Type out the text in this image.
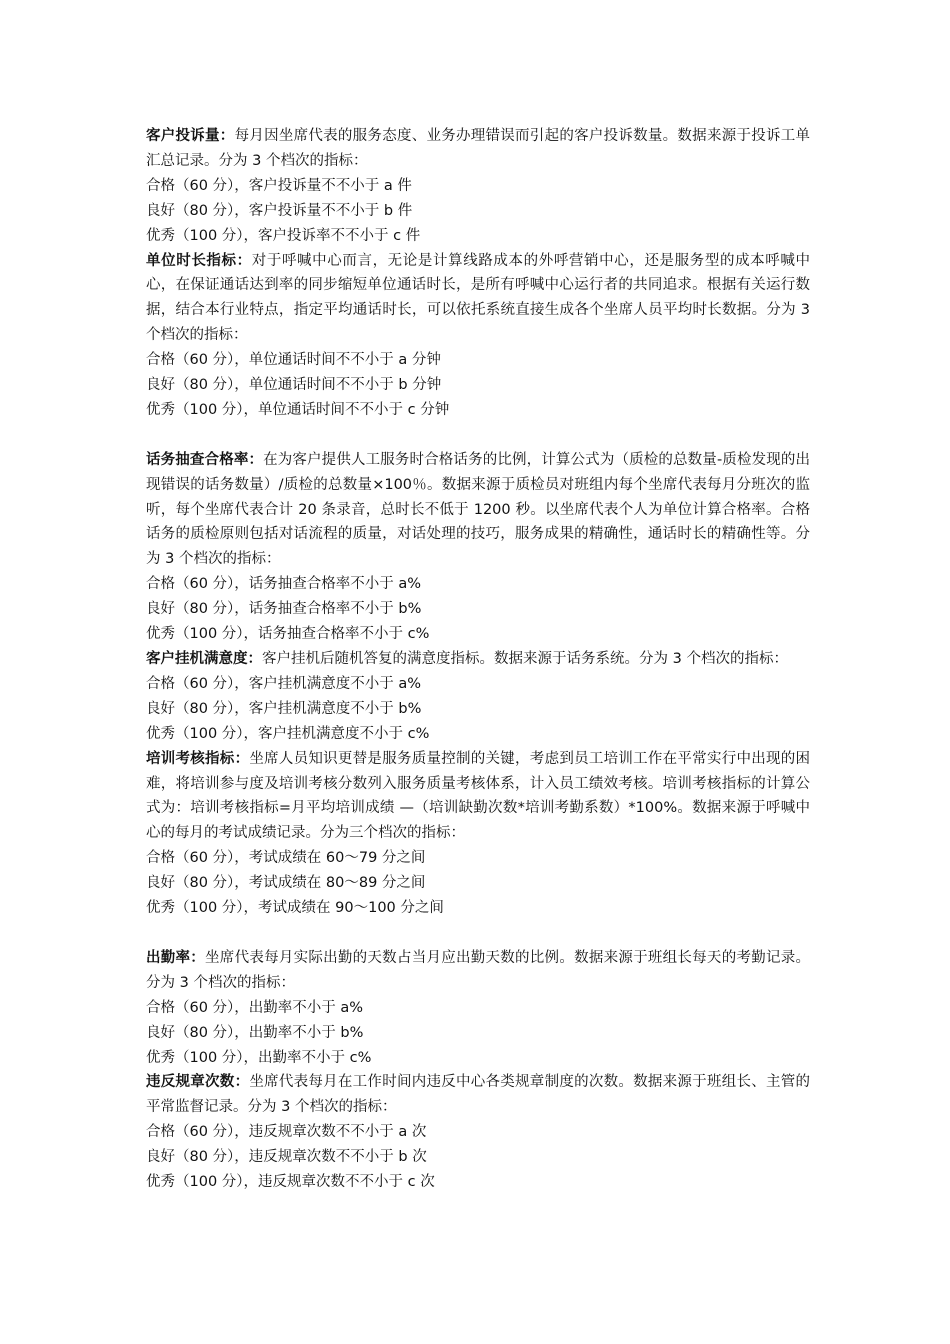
客户投诉量：每月因坐席代表的服务态度、业务办理错误而引起的客户投诉数量。数据来源于投诉工单汇总记录。分为 3 个档次的指标：

合格（60 分），客户投诉量不不小于 a 件

良好（80 分），客户投诉量不不小于 b 件

优秀（100 分），客户投诉率不不小于 c 件

单位时长指标：对于呼喊中心而言，无论是计算线路成本的外呼营销中心，还是服务型的成本呼喊中心，在保证通话达到率的同步缩短单位通话时长，是所有呼喊中心运行者的共同追求。根据有关运行数据，结合本行业特点，指定平均通话时长，可以依托系统直接生成各个坐席人员平均时长数据。分为 3 个档次的指标：

合格（60 分），单位通话时间不不小于 a 分钟

良好（80 分），单位通话时间不不小于 b 分钟

优秀（100 分），单位通话时间不不小于 c 分钟

话务抽查合格率：在为客户提供人工服务时合格话务的比例，计算公式为（质检的总数量-质检发现的出现错误的话务数量）/质检的总数量×100％。数据来源于质检员对班组内每个坐席代表每月分班次的监听，每个坐席代表合计 20 条录音，总时长不低于 1200 秒。以坐席代表个人为单位计算合格率。合格话务的质检原则包括对话流程的质量，对话处理的技巧，服务成果的精确性，通话时长的精确性等。分为 3 个档次的指标：

合格（60 分），话务抽查合格率不小于 a%

良好（80 分），话务抽查合格率不小于 b%

优秀（100 分），话务抽查合格率不小于 c%

客户挂机满意度：客户挂机后随机答复的满意度指标。数据来源于话务系统。分为 3 个档次的指标：

合格（60 分），客户挂机满意度不小于 a%

良好（80 分），客户挂机满意度不小于 b%

优秀（100 分），客户挂机满意度不小于 c%

培训考核指标：坐席人员知识更替是服务质量控制的关键，考虑到员工培训工作在平常实行中出现的困难，将培训参与度及培训考核分数列入服务质量考核体系，计入员工绩效考核。培训考核指标的计算公式为：培训考核指标=月平均培训成绩 —（培训缺勤次数*培训考勤系数）*100%。数据来源于呼喊中心的每月的考试成绩记录。分为三个档次的指标：

合格（60 分），考试成绩在 60～79 分之间

良好（80 分），考试成绩在 80～89 分之间

优秀（100 分），考试成绩在 90～100 分之间

出勤率：坐席代表每月实际出勤的天数占当月应出勤天数的比例。数据来源于班组长每天的考勤记录。分为 3 个档次的指标：

合格（60 分），出勤率不小于 a%

良好（80 分），出勤率不小于 b%

优秀（100 分），出勤率不小于 c%

违反规章次数：坐席代表每月在工作时间内违反中心各类规章制度的次数。数据来源于班组长、主管的平常监督记录。分为 3 个档次的指标：

合格（60 分），违反规章次数不不小于 a 次

良好（80 分），违反规章次数不不小于 b 次

优秀（100 分），违反规章次数不不小于 c 次
